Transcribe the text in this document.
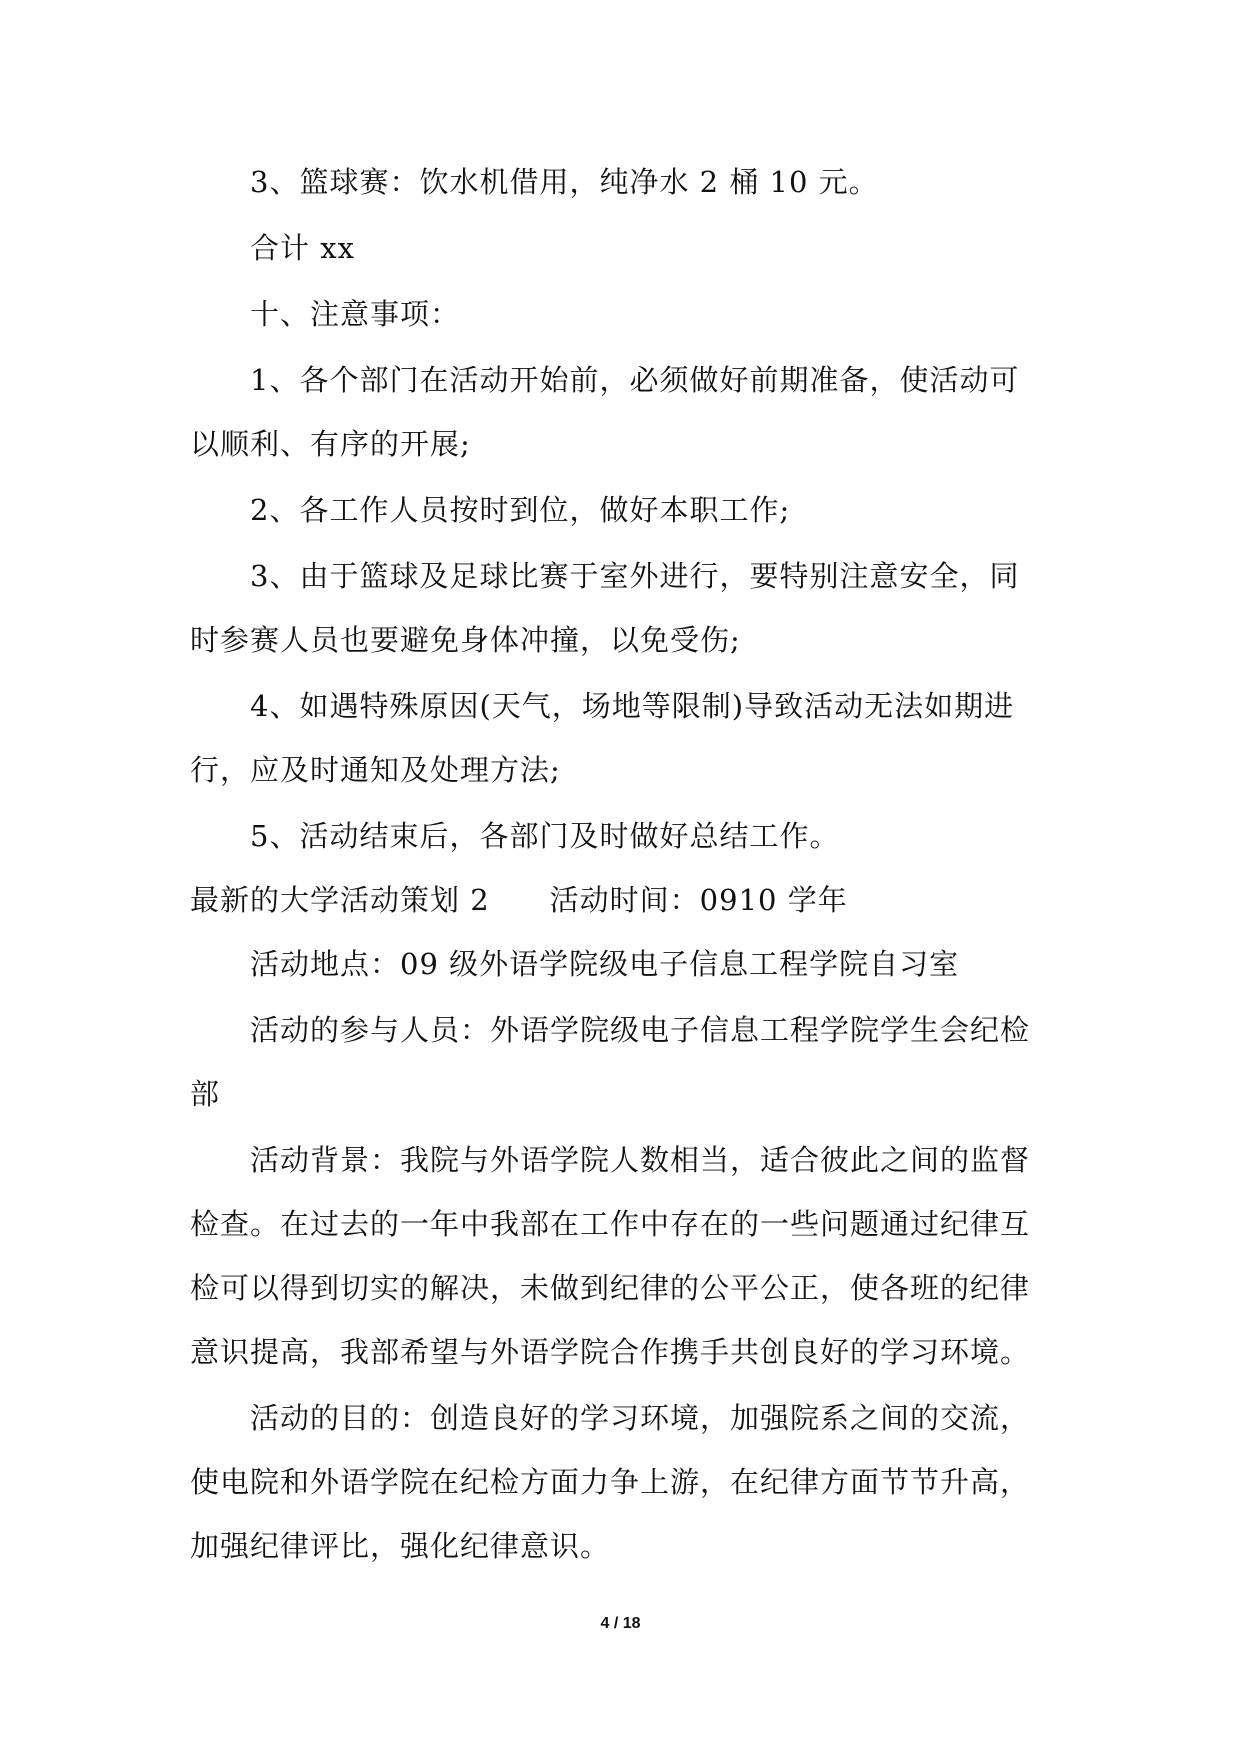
3、篮球赛：饮水机借用，纯净水 2 桶 10 元。
合计 xx
十、注意事项：
1、各个部门在活动开始前，必须做好前期准备，使活动可
以顺利、有序的开展;
2、各工作人员按时到位，做好本职工作;
3、由于篮球及足球比赛于室外进行，要特别注意安全，同
时参赛人员也要避免身体冲撞，以免受伤;
4、如遇特殊原因(天气，场地等限制)导致活动无法如期进
行，应及时通知及处理方法;
5、活动结束后，各部门及时做好总结工作。
最新的大学活动策划 2 活动时间：0910 学年
活动地点：09 级外语学院级电子信息工程学院自习室
活动的参与人员：外语学院级电子信息工程学院学生会纪检
部
活动背景：我院与外语学院人数相当，适合彼此之间的监督
检查。在过去的一年中我部在工作中存在的一些问题通过纪律互
检可以得到切实的解决，未做到纪律的公平公正，使各班的纪律
意识提高，我部希望与外语学院合作携手共创良好的学习环境。
活动的目的：创造良好的学习环境，加强院系之间的交流，
使电院和外语学院在纪检方面力争上游，在纪律方面节节升高，
加强纪律评比，强化纪律意识。
4 / 18
